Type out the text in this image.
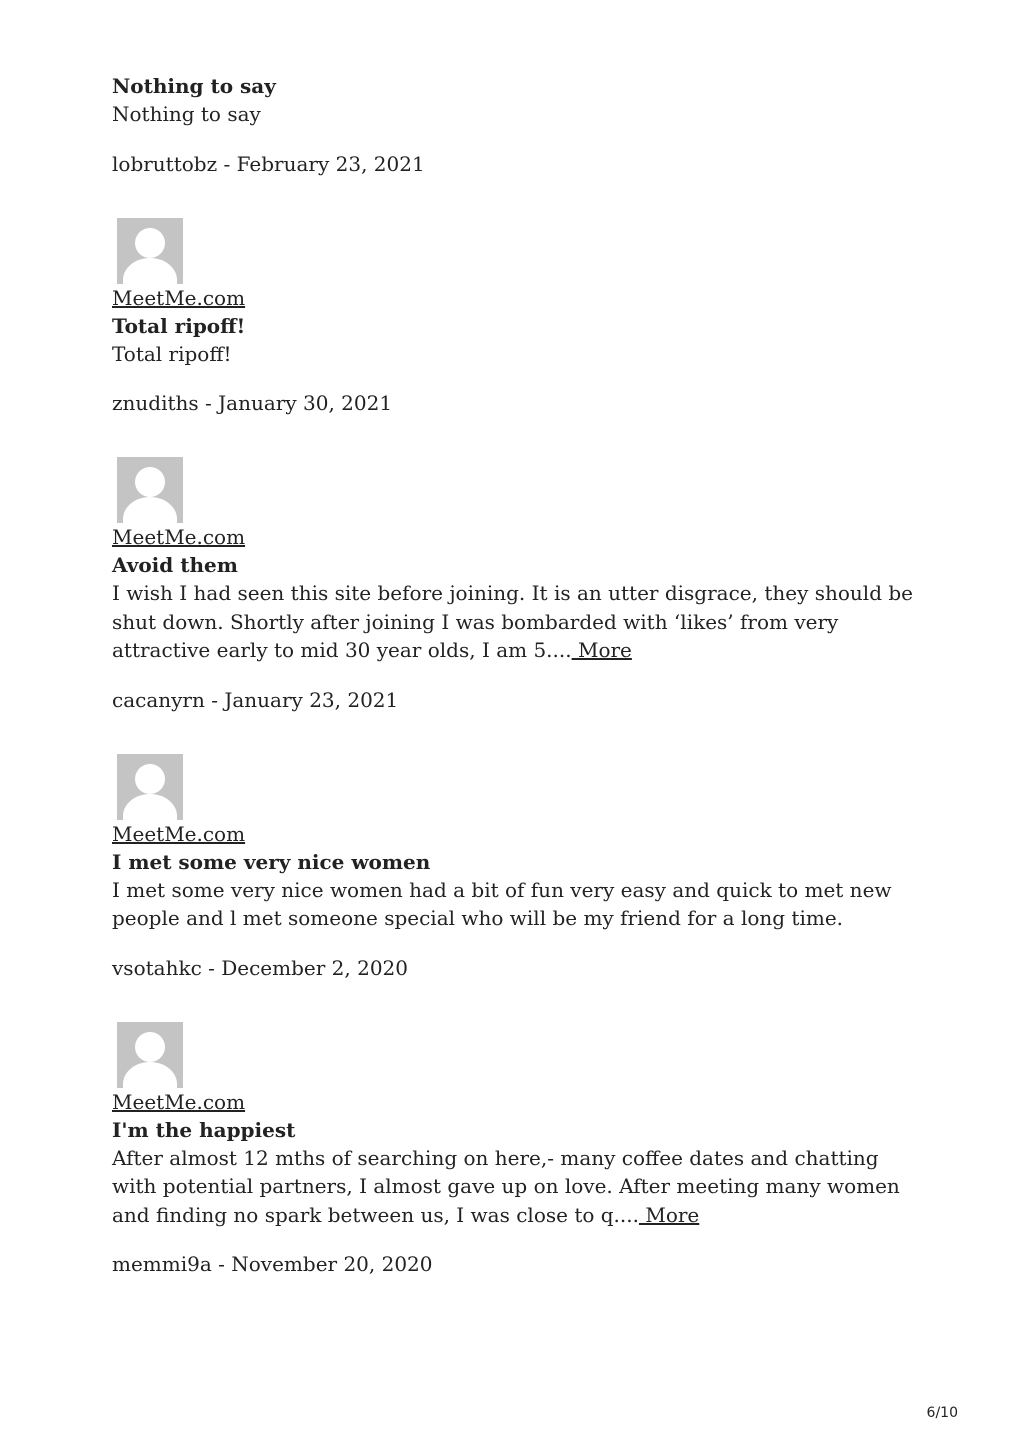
Nothing to say

Nothing to say

lobruttobz - February 23, 2021

MeetMe.com

Total ripoff!

Total ripoff!

znudiths - January 30, 2021

MeetMe.com

Avoid them

I wish I had seen this site before joining. It is an utter disgrace, they should be shut down. Shortly after joining I was bombarded with ‘likes’ from very attractive early to mid 30 year olds, I am 5.... More

cacanyrn - January 23, 2021

MeetMe.com

I met some very nice women

I met some very nice women had a bit of fun very easy and quick to met new people and l met someone special who will be my friend for a long time.

vsotahkc - December 2, 2020

MeetMe.com

I'm the happiest

After almost 12 mths of searching on here,- many coffee dates and chatting with potential partners, I almost gave up on love. After meeting many women and finding no spark between us, I was close to q.... More

memmi9a - November 20, 2020

6/10
